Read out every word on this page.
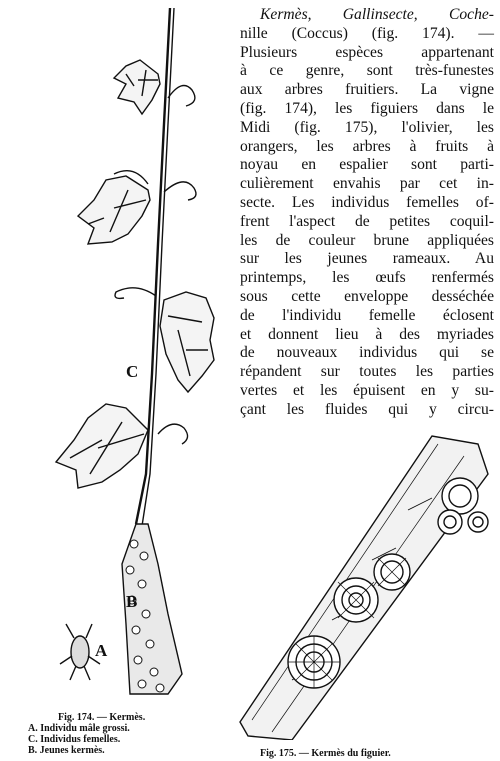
C
B
A
Fig. 174. — Kermès.
A. Individu mâle grossi.
C. Individus femelles.
B. Jeunes kermès.
Kermès, Gallinsecte, Coche-
nille (Coccus) (fig. 174). —
Plusieurs espèces appartenant
à ce genre, sont très-funestes
aux arbres fruitiers. La vigne
(fig. 174), les figuiers dans le
Midi (fig. 175), l'olivier, les
orangers, les arbres à fruits à
noyau en espalier sont parti-
culièrement envahis par cet in-
secte. Les individus femelles of-
frent l'aspect de petites coquil-
les de couleur brune appliquées
sur les jeunes rameaux. Au
printemps, les œufs renfermés
sous cette enveloppe desséchée
de l'individu femelle éclosent
et donnent lieu à des myriades
de nouveaux individus qui se
répandent sur toutes les parties
vertes et les épuisent en y su-
çant les fluides qui y circu-
Fig. 175. — Kermès du figuier.
